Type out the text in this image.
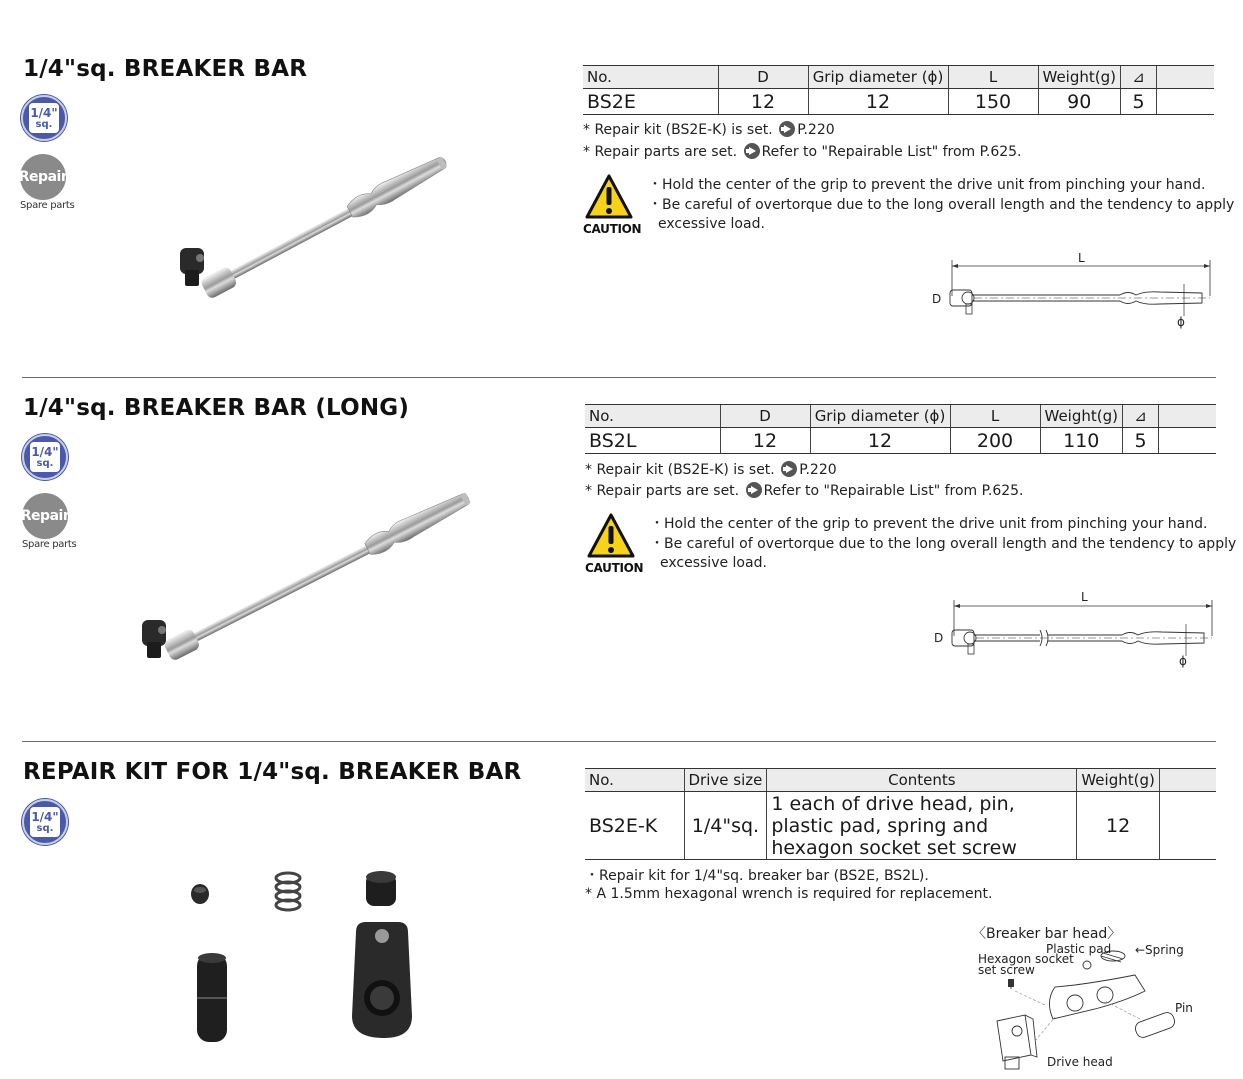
1/4"sq. BREAKER BAR
1/4"
sq.
Repair
Spare parts
No.	D	Grip diameter (ϕ)	L	Weight(g)	⊿	
BS2E	12	12	150	90	5	
* Repair kit (BS2E-K) is set. P.220
* Repair parts are set. Refer to "Repairable List" from P.625.
CAUTION
・Hold the center of the grip to prevent the drive unit from pinching your hand.
・Be careful of overtorque due to the long overall length and the tendency to apply
excessive load.
L
D
ϕ
1/4"sq. BREAKER BAR (LONG)
1/4"
sq.
Repair
Spare parts
No.	D	Grip diameter (ϕ)	L	Weight(g)	⊿	
BS2L	12	12	200	110	5	
* Repair kit (BS2E-K) is set. P.220
* Repair parts are set. Refer to "Repairable List" from P.625.
CAUTION
・Hold the center of the grip to prevent the drive unit from pinching your hand.
・Be careful of overtorque due to the long overall length and the tendency to apply
excessive load.
L
D
ϕ
REPAIR KIT FOR 1/4"sq. BREAKER BAR
1/4"
sq.
No.	Drive size	Contents	Weight(g)	
BS2E-K	1/4"sq.	1 each of drive head, pin, plastic pad, spring and hexagon socket set screw	12	
・Repair kit for 1/4"sq. breaker bar (BS2E, BS2L).
* A 1.5mm hexagonal wrench is required for replacement.
〈Breaker bar head〉
Plastic pad ←Spring
Hexagon socket
set screw
Pin
Drive head
